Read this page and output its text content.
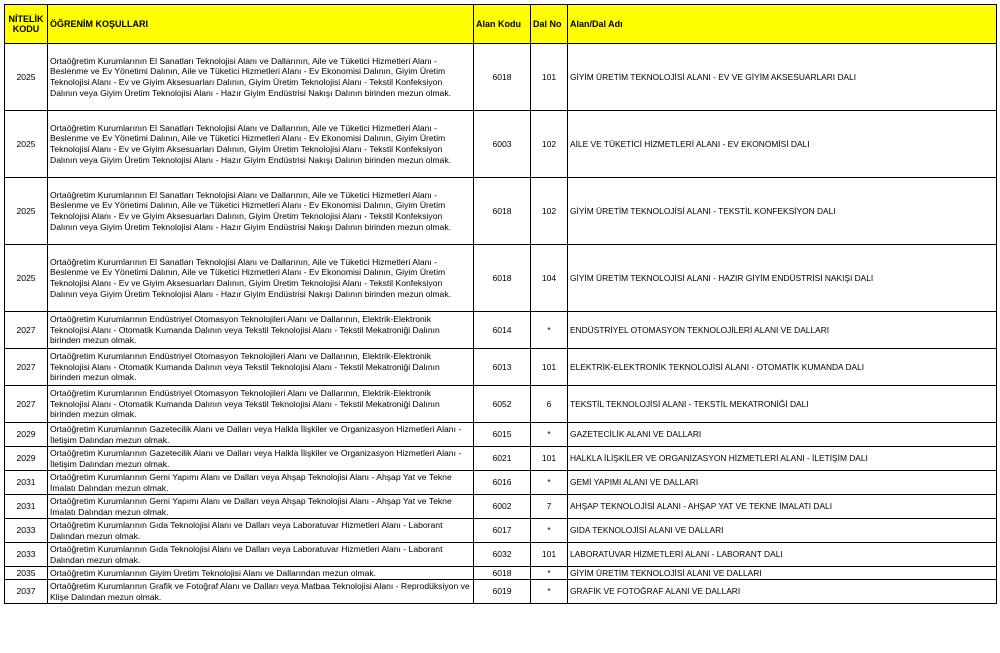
NİTELİK KODU	ÖĞRENİM KOŞULLARI	Alan Kodu	Dal No	Alan/Dal Adı
2025	Ortaöğretim Kurumlarının El Sanatları Teknolojisi Alanı ve Dallarının, Aile ve Tüketici Hizmetleri Alanı - Beslenme ve Ev Yönetimi Dalının, Aile ve Tüketici Hizmetleri Alanı - Ev Ekonomisi Dalının, Giyim Üretim Teknolojisi Alanı - Ev ve Giyim Aksesuarları Dalının, Giyim Üretim Teknolojisi Alanı - Tekstil Konfeksiyon Dalının veya Giyim Üretim Teknolojisi Alanı - Hazır Giyim Endüstrisi Nakışı Dalının birinden mezun olmak.	6018	101	GİYİM ÜRETİM TEKNOLOJİSİ ALANI - EV VE GİYİM AKSESUARLARI DALI
2025	Ortaöğretim Kurumlarının El Sanatları Teknolojisi Alanı ve Dallarının, Aile ve Tüketici Hizmetleri Alanı - Beslenme ve Ev Yönetimi Dalının, Aile ve Tüketici Hizmetleri Alanı - Ev Ekonomisi Dalının, Giyim Üretim Teknolojisi Alanı - Ev ve Giyim Aksesuarları Dalının, Giyim Üretim Teknolojisi Alanı - Tekstil Konfeksiyon Dalının veya Giyim Üretim Teknolojisi Alanı - Hazır Giyim Endüstrisi Nakışı Dalının birinden mezun olmak.	6003	102	AİLE VE TÜKETİCİ HİZMETLERİ ALANI - EV EKONOMİSİ DALI
2025	Ortaöğretim Kurumlarının El Sanatları Teknolojisi Alanı ve Dallarının, Aile ve Tüketici Hizmetleri Alanı - Beslenme ve Ev Yönetimi Dalının, Aile ve Tüketici Hizmetleri Alanı - Ev Ekonomisi Dalının, Giyim Üretim Teknolojisi Alanı - Ev ve Giyim Aksesuarları Dalının, Giyim Üretim Teknolojisi Alanı - Tekstil Konfeksiyon Dalının veya Giyim Üretim Teknolojisi Alanı - Hazır Giyim Endüstrisi Nakışı Dalının birinden mezun olmak.	6018	102	GİYİM ÜRETİM TEKNOLOJİSİ ALANI - TEKSTİL KONFEKSİYON DALI
2025	Ortaöğretim Kurumlarının El Sanatları Teknolojisi Alanı ve Dallarının, Aile ve Tüketici Hizmetleri Alanı - Beslenme ve Ev Yönetimi Dalının, Aile ve Tüketici Hizmetleri Alanı - Ev Ekonomisi Dalının, Giyim Üretim Teknolojisi Alanı - Ev ve Giyim Aksesuarları Dalının, Giyim Üretim Teknolojisi Alanı - Tekstil Konfeksiyon Dalının veya Giyim Üretim Teknolojisi Alanı - Hazır Giyim Endüstrisi Nakışı Dalının birinden mezun olmak.	6018	104	GİYİM ÜRETİM TEKNOLOJİSİ ALANI - HAZIR GİYİM ENDÜSTRİSİ NAKIŞI DALI
2027	Ortaöğretim Kurumlarının Endüstriyel Otomasyon Teknolojileri Alanı ve Dallarının, Elektrik-Elektronik Teknolojisi Alanı - Otomatik Kumanda Dalının veya Tekstil Teknolojisi Alanı - Tekstil Mekatroniği Dalının birinden mezun olmak.	6014	*	ENDÜSTRİYEL OTOMASYON TEKNOLOJİLERİ ALANI VE DALLARI
2027	Ortaöğretim Kurumlarının Endüstriyel Otomasyon Teknolojileri Alanı ve Dallarının, Elektrik-Elektronik Teknolojisi Alanı - Otomatik Kumanda Dalının veya Tekstil Teknolojisi Alanı - Tekstil Mekatroniği Dalının birinden mezun olmak.	6013	101	ELEKTRİK-ELEKTRONİK TEKNOLOJİSİ ALANI - OTOMATİK KUMANDA DALI
2027	Ortaöğretim Kurumlarının Endüstriyel Otomasyon Teknolojileri Alanı ve Dallarının, Elektrik-Elektronik Teknolojisi Alanı - Otomatik Kumanda Dalının veya Tekstil Teknolojisi Alanı - Tekstil Mekatroniği Dalının birinden mezun olmak.	6052	6	TEKSTİL TEKNOLOJİSİ ALANI - TEKSTİL MEKATRONİĞİ DALI
2029	Ortaöğretim Kurumlarının Gazetecilik Alanı ve Dalları veya Halkla İlişkiler ve Organizasyon Hizmetleri Alanı - İletişim Dalından mezun olmak.	6015	*	GAZETECİLİK ALANI VE DALLARI
2029	Ortaöğretim Kurumlarının Gazetecilik Alanı ve Dalları veya Halkla İlişkiler ve Organizasyon Hizmetleri Alanı - İletişim Dalından mezun olmak.	6021	101	HALKLA İLİŞKİLER VE ORGANİZASYON HİZMETLERİ ALANI - İLETİŞİM DALI
2031	Ortaöğretim Kurumlarının Gemi Yapımı Alanı ve Dalları veya Ahşap Teknolojisi Alanı - Ahşap Yat ve Tekne İmalatı Dalından mezun olmak.	6016	*	GEMİ YAPIMI ALANI VE DALLARI
2031	Ortaöğretim Kurumlarının Gemi Yapımı Alanı ve Dalları veya Ahşap Teknolojisi Alanı - Ahşap Yat ve Tekne İmalatı Dalından mezun olmak.	6002	7	AHŞAP TEKNOLOJİSİ ALANI - AHŞAP YAT VE TEKNE İMALATI DALI
2033	Ortaöğretim Kurumlarının Gıda Teknolojisi Alanı ve Dalları veya Laboratuvar Hizmetleri Alanı - Laborant Dalından mezun olmak.	6017	*	GIDA TEKNOLOJİSİ ALANI VE DALLARI
2033	Ortaöğretim Kurumlarının Gıda Teknolojisi Alanı ve Dalları veya Laboratuvar Hizmetleri Alanı - Laborant Dalından mezun olmak.	6032	101	LABORATUVAR HİZMETLERİ ALANI - LABORANT DALI
2035	Ortaöğretim Kurumlarının Giyim Üretim Teknolojisi Alanı ve Dallarından mezun olmak.	6018	*	GİYİM ÜRETİM TEKNOLOJİSİ ALANI VE DALLARI
2037	Ortaöğretim Kurumlarının Grafik ve Fotoğraf Alanı ve Dalları veya Matbaa Teknolojisi Alanı - Reprodüksiyon ve Klişe Dalından mezun olmak.	6019	*	GRAFİK VE FOTOĞRAF ALANI VE DALLARI
